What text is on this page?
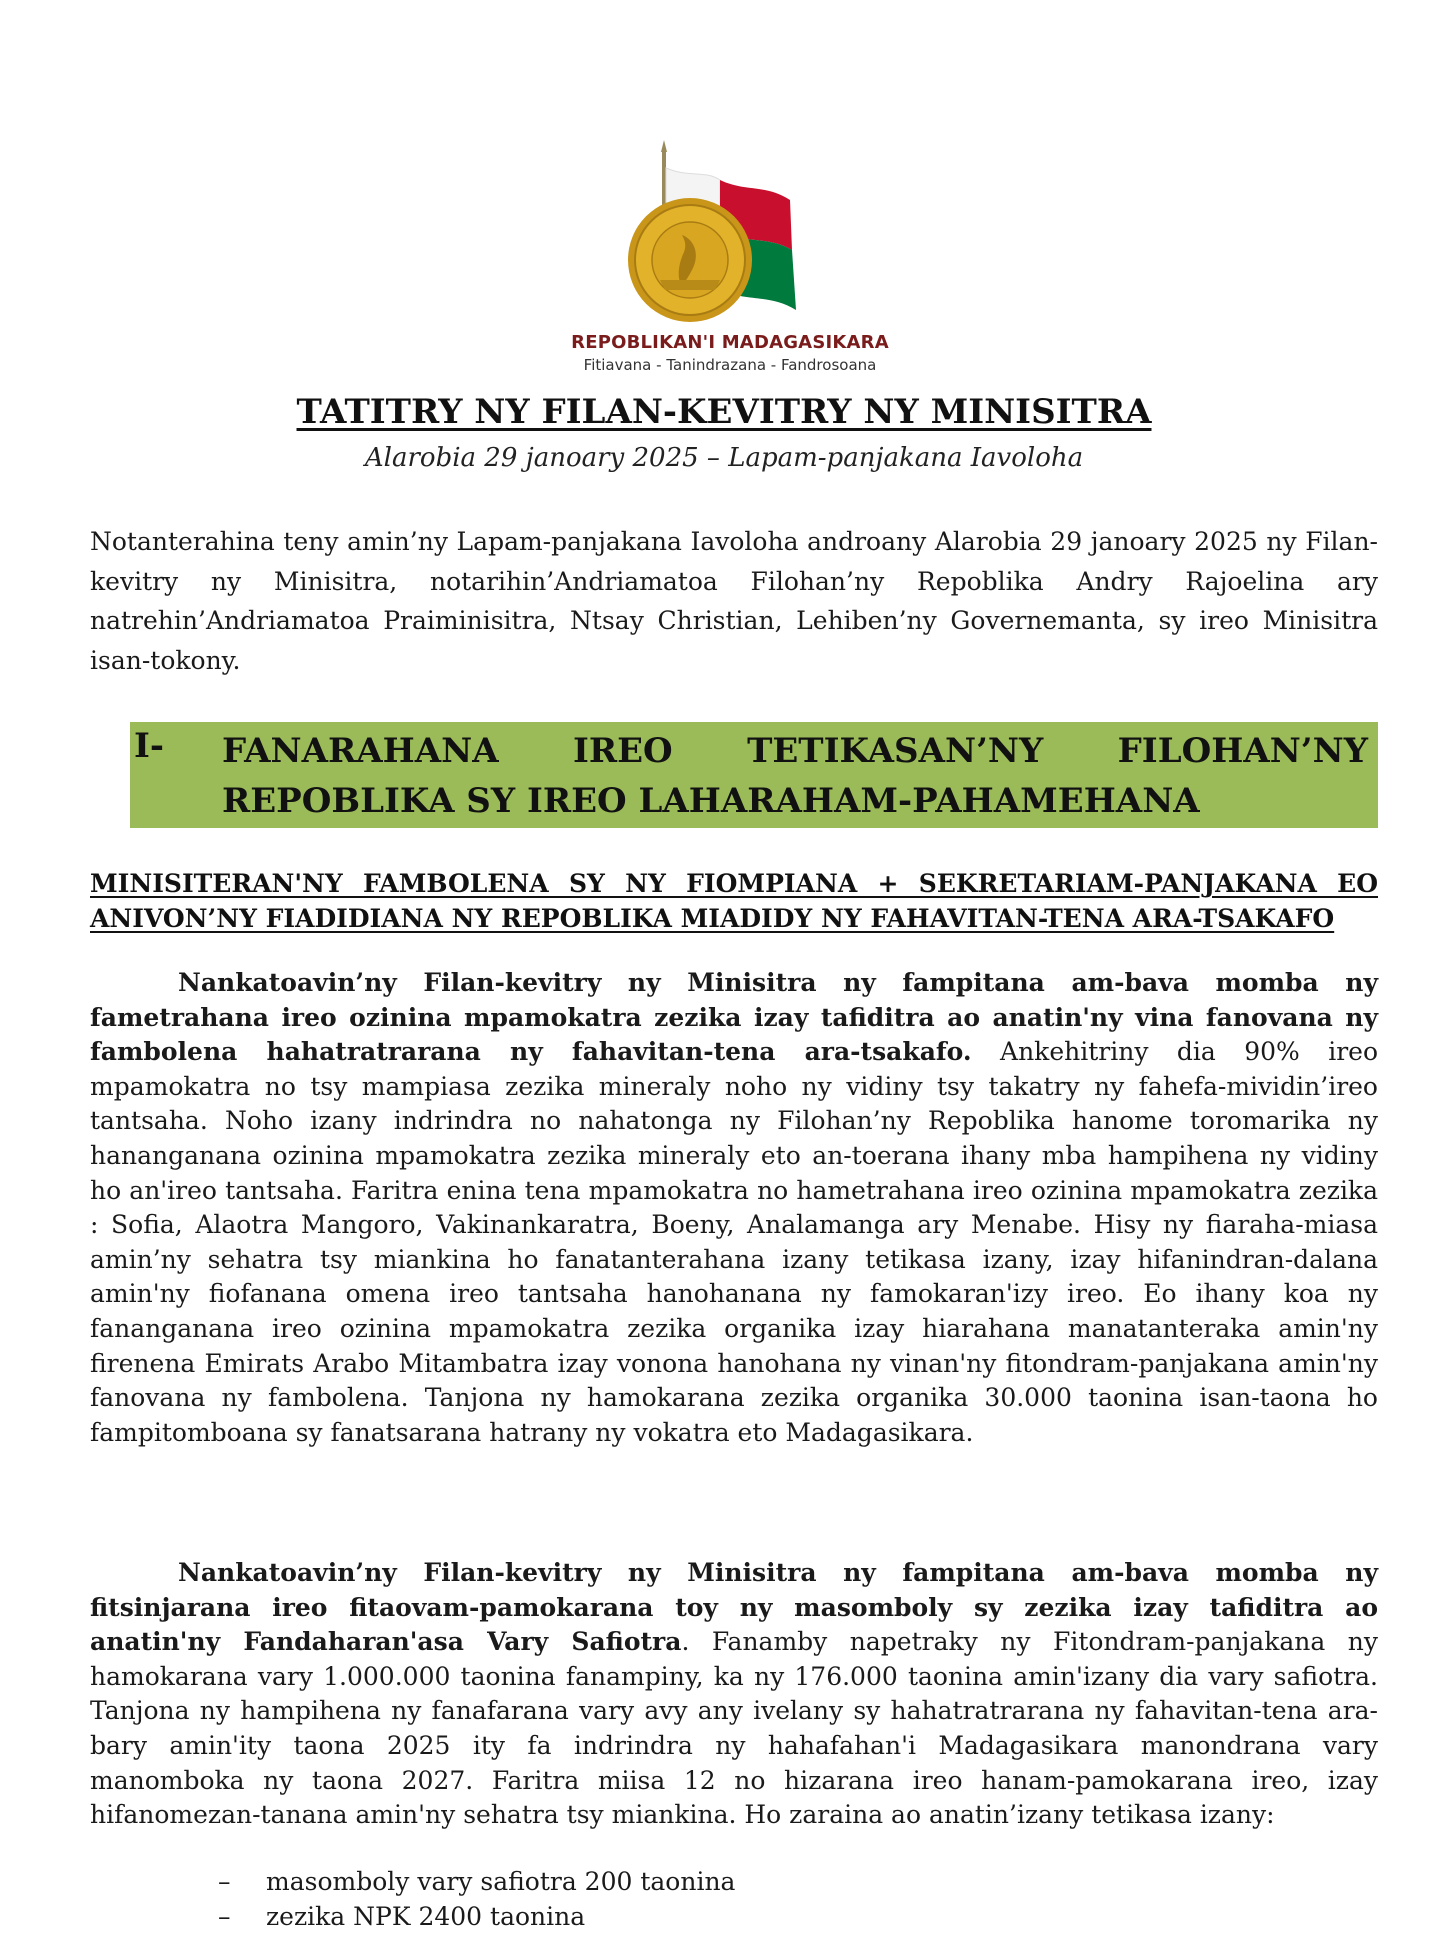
REPOBLIKAN'I MADAGASIKARA
Fitiavana - Tanindrazana - Fandrosoana
TATITRY NY FILAN-KEVITRY NY MINISITRA
Alarobia 29 janoary 2025 – Lapam-panjakana Iavoloha

Notanterahina teny amin’ny Lapam-panjakana Iavoloha androany Alarobia 29 janoary 2025 ny Filan-kevitry ny Minisitra, notarihin’Andriamatoa Filohan’ny Repoblika Andry Rajoelina ary natrehin’Andriamatoa Praiminisitra, Ntsay Christian, Lehiben’ny Governemanta, sy ireo Minisitra isan-tokony.

I- FANARAHANA IREO TETIKASAN’NY FILOHAN’NY
REPOBLIKA SY IREO LAHARAHAM-PAHAMEHANA

MINISITERAN'NY FAMBOLENA SY NY FIOMPIANA + SEKRETARIAM-PANJAKANA EO ANIVON’NY FIADIDIANA NY REPOBLIKA MIADIDY NY FAHAVITAN-TENA ARA-TSAKAFO

Nankatoavin’ny Filan-kevitry ny Minisitra ny fampitana am-bava momba ny fametrahana ireo ozinina mpamokatra zezika izay tafiditra ao anatin'ny vina fanovana ny fambolena hahatratrarana ny fahavitan-tena ara-tsakafo. Ankehitriny dia 90% ireo mpamokatra no tsy mampiasa zezika mineraly noho ny vidiny tsy takatry ny fahefa-mividin’ireo tantsaha. Noho izany indrindra no nahatonga ny Filohan’ny Repoblika hanome toromarika ny hananganana ozinina mpamokatra zezika mineraly eto an-toerana ihany mba hampihena ny vidiny ho an'ireo tantsaha. Faritra enina tena mpamokatra no hametrahana ireo ozinina mpamokatra zezika : Sofia, Alaotra Mangoro, Vakinankaratra, Boeny, Analamanga ary Menabe. Hisy ny fiaraha-miasa amin’ny sehatra tsy miankina ho fanatanterahana izany tetikasa izany, izay hifanindran-dalana amin'ny fiofanana omena ireo tantsaha hanohanana ny famokaran'izy ireo. Eo ihany koa ny fananganana ireo ozinina mpamokatra zezika organika izay hiarahana manatanteraka amin'ny firenena Emirats Arabo Mitambatra izay vonona hanohana ny vinan'ny fitondram-panjakana amin'ny fanovana ny fambolena. Tanjona ny hamokarana zezika organika 30.000 taonina isan-taona ho fampitomboana sy fanatsarana hatrany ny vokatra eto Madagasikara.

Nankatoavin’ny Filan-kevitry ny Minisitra ny fampitana am-bava momba ny fitsinjarana ireo fitaovam-pamokarana toy ny masomboly sy zezika izay tafiditra ao anatin'ny Fandaharan'asa Vary Safiotra. Fanamby napetraky ny Fitondram-panjakana ny hamokarana vary 1.000.000 taonina fanampiny, ka ny 176.000 taonina amin'izany dia vary safiotra. Tanjona ny hampihena ny fanafarana vary avy any ivelany sy hahatratrarana ny fahavitan-tena ara-bary amin'ity taona 2025 ity fa indrindra ny hahafahan'i Madagasikara manondrana vary manomboka ny taona 2027. Faritra miisa 12 no hizarana ireo hanam-pamokarana ireo, izay hifanomezan-tanana amin'ny sehatra tsy miankina. Ho zaraina ao anatin’izany tetikasa izany:

– masomboly vary safiotra 200 taonina
– zezika NPK 2400 taonina
